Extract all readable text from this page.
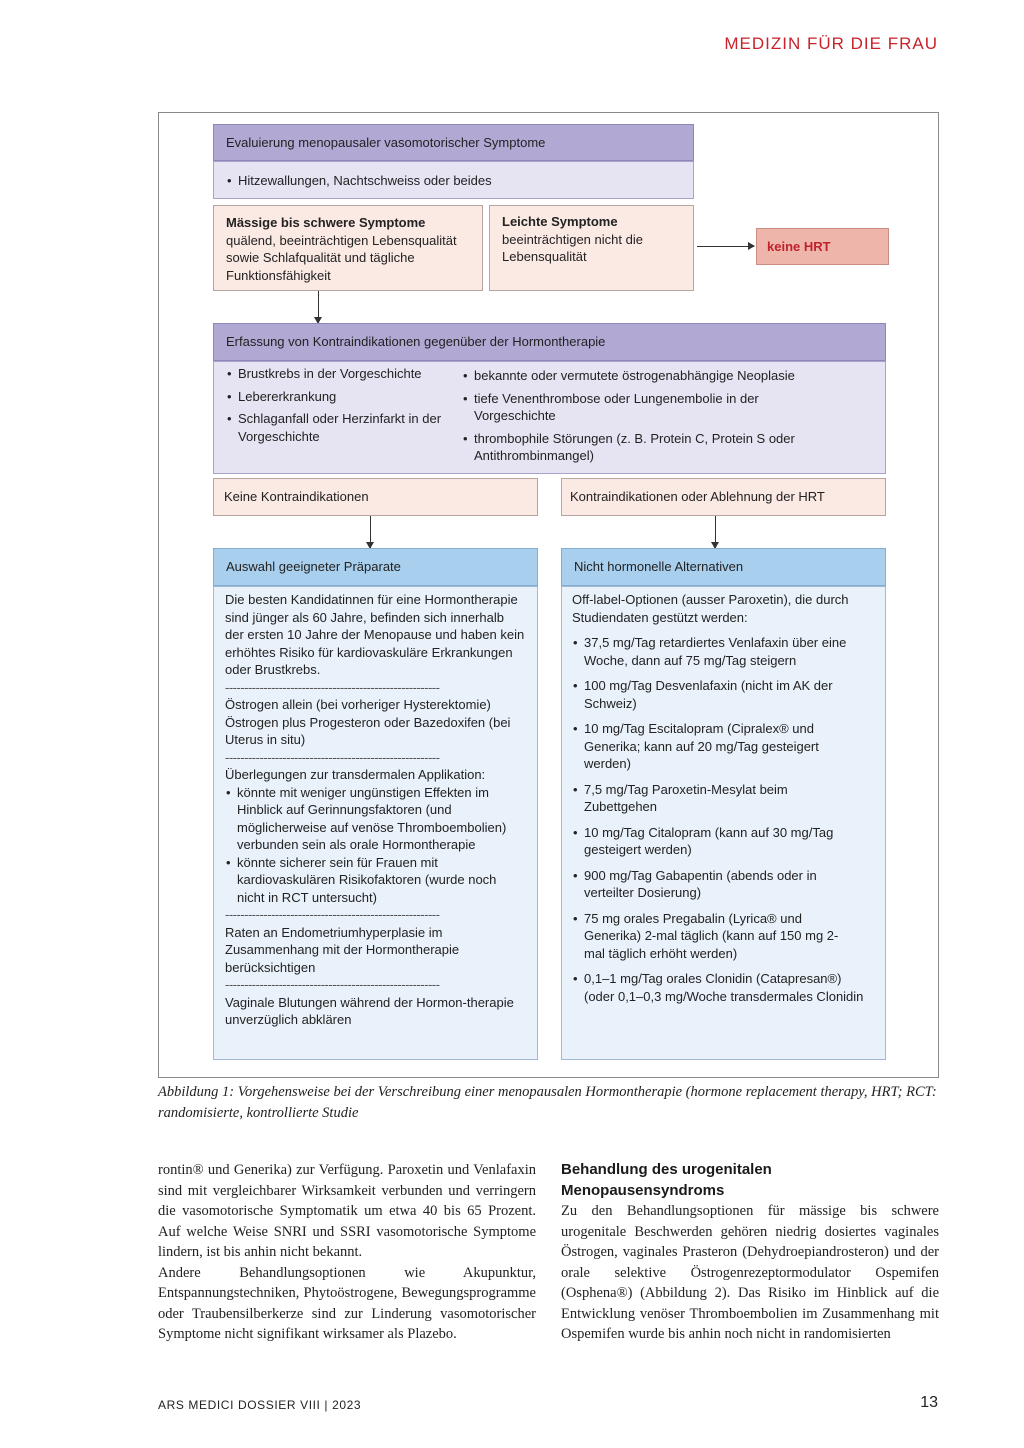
MEDIZIN FÜR DIE FRAU
Evaluierung menopausaler vasomotorischer Symptome
• Hitzewallungen, Nachtschweiss oder beides
Mässige bis schwere Symptome
quälend, beeinträchtigen Lebensqualität sowie Schlafqualität und tägliche Funktionsfähigkeit
Leichte Symptome
beeinträchtigen nicht die Lebensqualität
keine HRT
Erfassung von Kontraindikationen gegenüber der Hormontherapie
• Brustkrebs in der Vorgeschichte
• Lebererkrankung
• Schlaganfall oder Herzinfarkt in der Vorgeschichte
• bekannte oder vermutete östrogenabhängige Neoplasie
• tiefe Venenthrombose oder Lungenembolie in der Vorgeschichte
• thrombophile Störungen (z. B. Protein C, Protein S oder Antithrombinmangel)
Keine Kontraindikationen	Kontraindikationen oder Ablehnung der HRT
Auswahl geeigneter Präparate
Die besten Kandidatinnen für eine Hormontherapie sind jünger als 60 Jahre, befinden sich innerhalb der ersten 10 Jahre der Menopause und haben kein erhöhtes Risiko für kardiovaskuläre Erkrankungen oder Brustkrebs.
--------------------------------------------------------
Östrogen allein (bei vorheriger Hysterektomie)
Östrogen plus Progesteron oder Bazedoxifen (bei Uterus in situ)
--------------------------------------------------------
Überlegungen zur transdermalen Applikation:
• könnte mit weniger ungünstigen Effekten im Hinblick auf Gerinnungsfaktoren (und möglicherweise auf venöse Thromboembolien) verbunden sein als orale Hormontherapie
• könnte sicherer sein für Frauen mit kardiovaskulären Risikofaktoren (wurde noch nicht in RCT untersucht)
--------------------------------------------------------
Raten an Endometriumhyperplasie im Zusammenhang mit der Hormontherapie berücksichtigen
--------------------------------------------------------
Vaginale Blutungen während der Hormon-therapie unverzüglich abklären
Nicht hormonelle Alternativen
Off-label-Optionen (ausser Paroxetin), die durch Studiendaten gestützt werden:
• 37,5 mg/Tag retardiertes Venlafaxin über eine Woche, dann auf 75 mg/Tag steigern
• 100 mg/Tag Desvenlafaxin (nicht im AK der Schweiz)
• 10 mg/Tag Escitalopram (Cipralex® und Generika; kann auf 20 mg/Tag gesteigert werden)
• 7,5 mg/Tag Paroxetin-Mesylat beim Zubettgehen
• 10 mg/Tag Citalopram (kann auf 30 mg/Tag gesteigert werden)
• 900 mg/Tag Gabapentin (abends oder in verteilter Dosierung)
• 75 mg orales Pregabalin (Lyrica® und Generika) 2-mal täglich (kann auf 150 mg 2-mal täglich erhöht werden)
• 0,1–1 mg/Tag orales Clonidin (Catapresan®) (oder 0,1–0,3 mg/Woche transdermales Clonidin
Abbildung 1: Vorgehensweise bei der Verschreibung einer menopausalen Hormontherapie (hormone replacement therapy, HRT; RCT: randomisierte, kontrollierte Studie

rontin® und Generika) zur Verfügung. Paroxetin und Venlafaxin sind mit vergleichbarer Wirksamkeit verbunden und verringern die vasomotorische Symptomatik um etwa 40 bis 65 Prozent. Auf welche Weise SNRI und SSRI vasomotorische Symptome lindern, ist bis anhin nicht bekannt.

Andere Behandlungsoptionen wie Akupunktur, Entspannungstechniken, Phytoöstrogene, Bewegungsprogramme oder Traubensilberkerze sind zur Linderung vasomotorischer Symptome nicht signifikant wirksamer als Plazebo.

Behandlung des urogenitalen Menopausensyndroms

Zu den Behandlungsoptionen für mässige bis schwere urogenitale Beschwerden gehören niedrig dosiertes vaginales Östrogen, vaginales Prasteron (Dehydroepiandrosteron) und der orale selektive Östrogenrezeptormodulator Ospemifen (Osphena®) (Abbildung 2). Das Risiko im Hinblick auf die Entwicklung venöser Thromboembolien im Zusammenhang mit Ospemifen wurde bis anhin noch nicht in randomisierten

ARS MEDICI DOSSIER VIII | 2023	13
